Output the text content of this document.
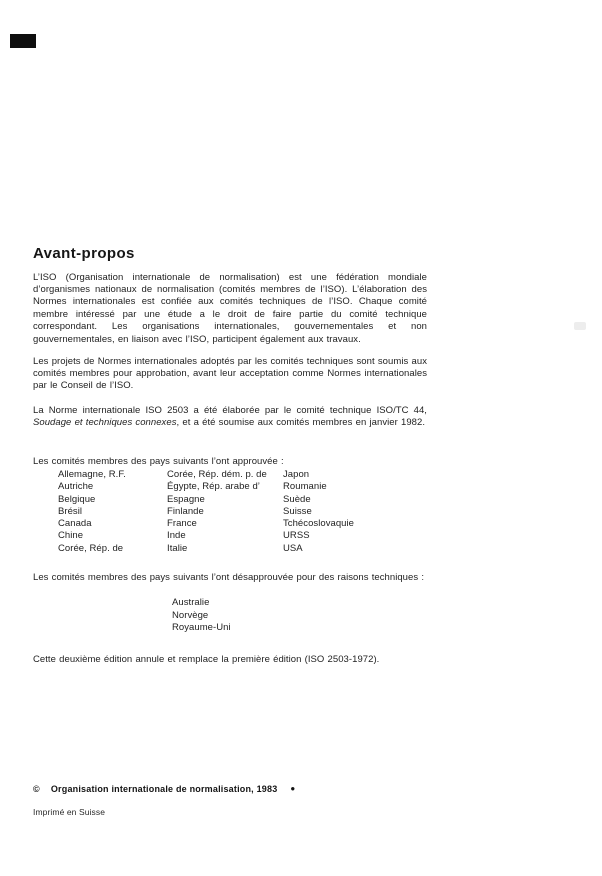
Avant-propos

L’ISO (Organisation internationale de normalisation) est une fédération mondiale d’organismes nationaux de normalisation (comités membres de l’ISO). L’élaboration des Normes internationales est confiée aux comités techniques de l’ISO. Chaque comité membre intéressé par une étude a le droit de faire partie du comité technique correspondant. Les organisations internationales, gouvernementales et non gouvernementales, en liaison avec l’ISO, participent également aux travaux.

Les projets de Normes internationales adoptés par les comités techniques sont soumis aux comités membres pour approbation, avant leur acceptation comme Normes internationales par le Conseil de l’ISO.

La Norme internationale ISO 2503 a été élaborée par le comité technique ISO/TC 44, Soudage et techniques connexes, et a été soumise aux comités membres en janvier 1982.

Les comités membres des pays suivants l’ont approuvée :

Allemagne, R.F.
Autriche
Belgique
Brésil
Canada
Chine
Corée, Rép. de
Corée, Rép. dém. p. de
Égypte, Rép. arabe d’
Espagne
Finlande
France
Inde
Italie
Japon
Roumanie
Suède
Suisse
Tchécoslovaquie
URSS
USA

Les comités membres des pays suivants l’ont désapprouvée pour des raisons techniques :

Australie
Norvège
Royaume-Uni

Cette deuxième édition annule et remplace la première édition (ISO 2503-1972).

© Organisation internationale de normalisation, 1983 ●
Imprimé en Suisse
